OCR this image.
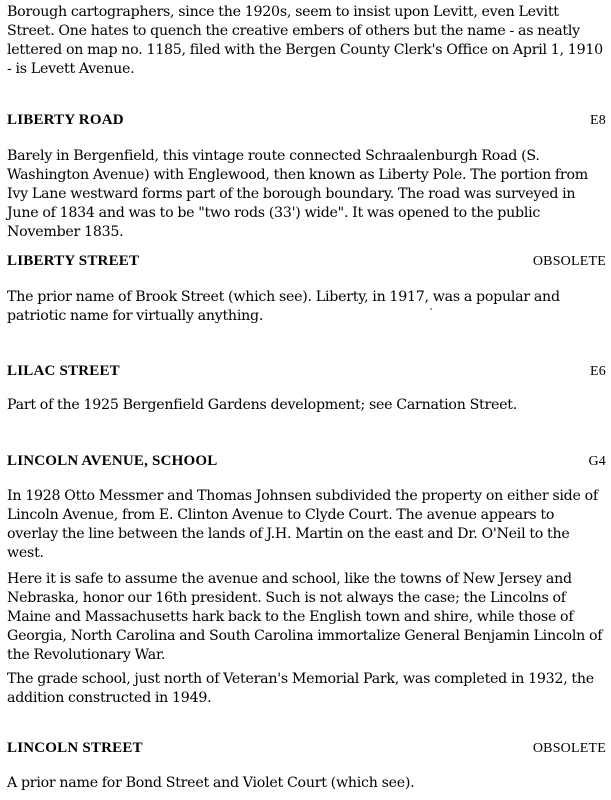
Borough cartographers, since the 1920s, seem to insist upon Levitt, even Levitt Street. One hates to quench the creative embers of others but the name - as neatly lettered on map no. 1185, filed with the Bergen County Clerk's Office on April 1, 1910 - is Levett Avenue.

LIBERTY ROAD	E8

Barely in Bergenfield, this vintage route connected Schraalenburgh Road (S. Washington Avenue) with Englewood, then known as Liberty Pole. The portion from Ivy Lane westward forms part of the borough boundary. The road was surveyed in June of 1834 and was to be "two rods (33') wide". It was opened to the public November 1835.

LIBERTY STREET	OBSOLETE

The prior name of Brook Street (which see). Liberty, in 1917, was a popular and patriotic name for virtually anything.

LILAC STREET	E6

Part of the 1925 Bergenfield Gardens development; see Carnation Street.

LINCOLN AVENUE, SCHOOL	G4

In 1928 Otto Messmer and Thomas Johnsen subdivided the property on either side of Lincoln Avenue, from E. Clinton Avenue to Clyde Court. The avenue appears to overlay the line between the lands of J.H. Martin on the east and Dr. O'Neil to the west.

Here it is safe to assume the avenue and school, like the towns of New Jersey and Nebraska, honor our 16th president. Such is not always the case; the Lincolns of Maine and Massachusetts hark back to the English town and shire, while those of Georgia, North Carolina and South Carolina immortalize General Benjamin Lincoln of the Revolutionary War.

The grade school, just north of Veteran's Memorial Park, was completed in 1932, the addition constructed in 1949.

LINCOLN STREET	OBSOLETE

A prior name for Bond Street and Violet Court (which see).
